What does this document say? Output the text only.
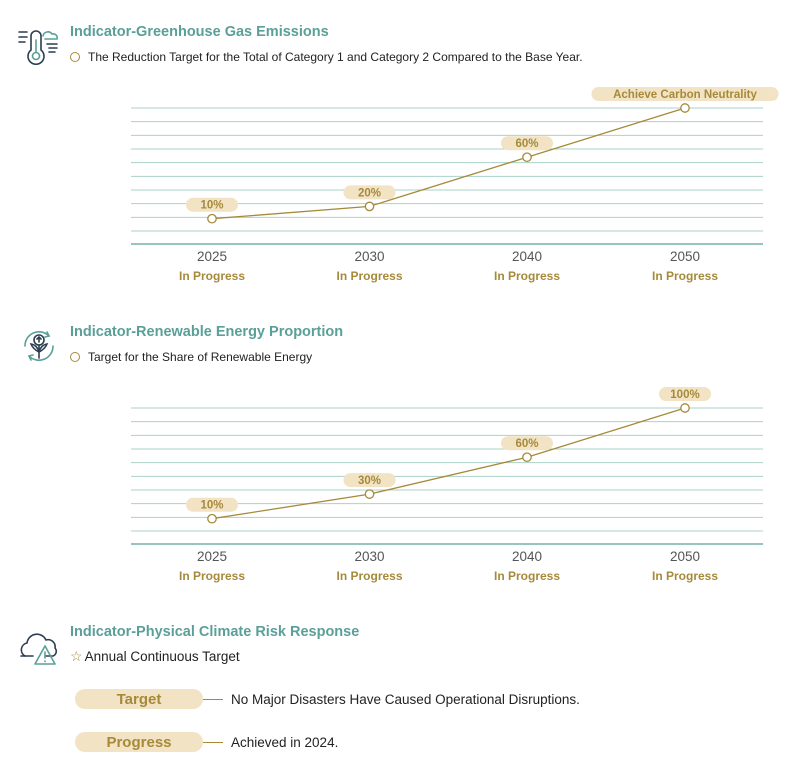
Indicator-Greenhouse Gas Emissions
The Reduction Target for the Total of Category 1 and Category 2 Compared to the Base Year.
10%
2025
In Progress
20%
2030
In Progress
60%
2040
In Progress
Achieve Carbon Neutrality
2050
In Progress
Indicator-Renewable Energy Proportion
Target for the Share of Renewable Energy
10%
2025
In Progress
30%
2030
In Progress
60%
2040
In Progress
100%
2050
In Progress
Indicator-Physical Climate Risk Response
☆ Annual Continuous Target
Target	No Major Disasters Have Caused Operational Disruptions.
Progress	Achieved in 2024.
